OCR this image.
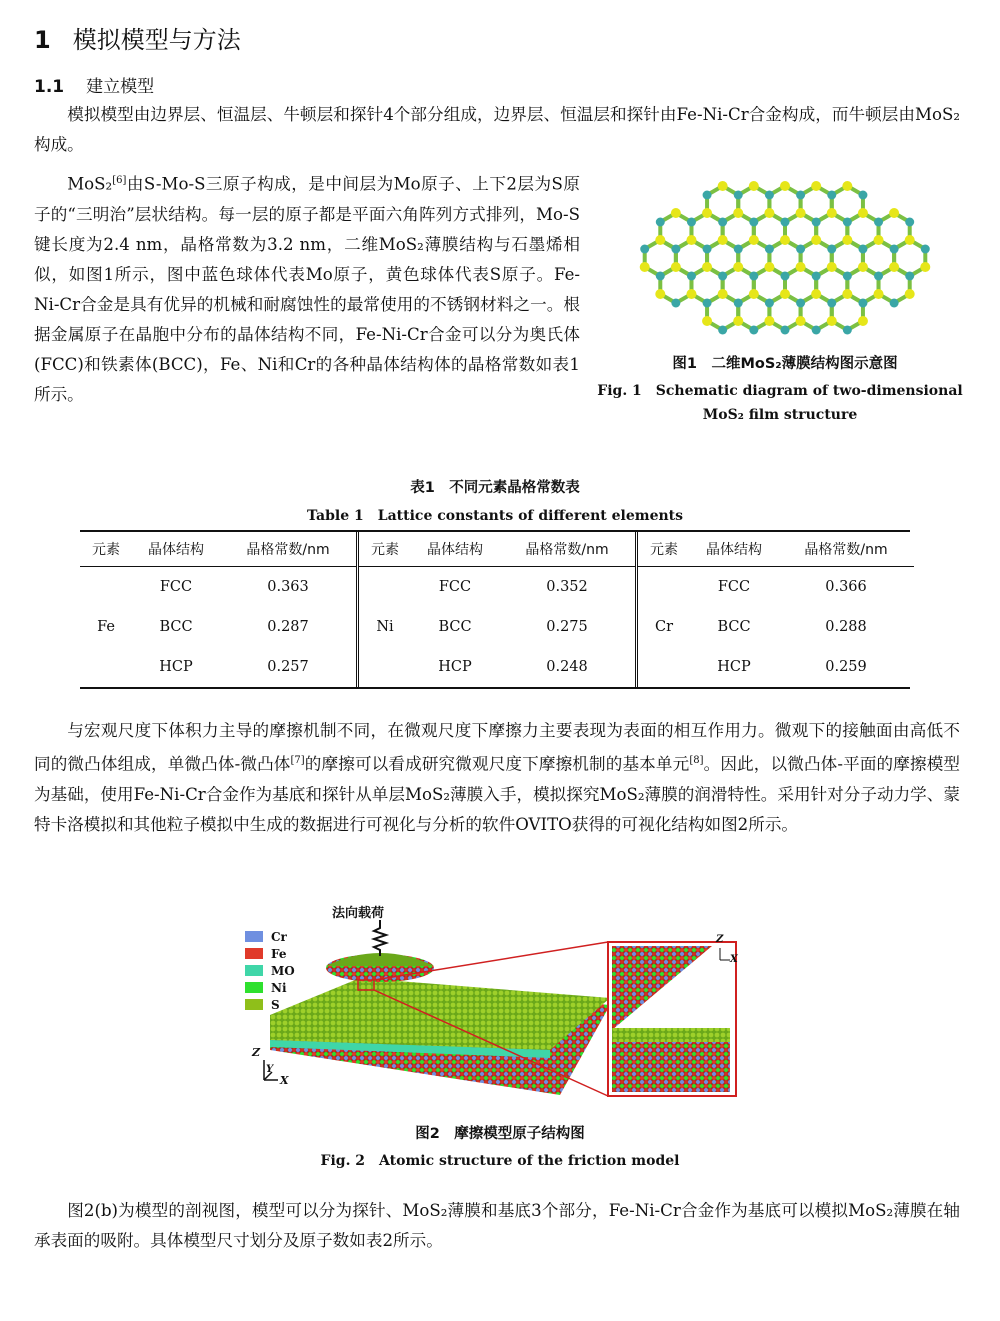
1 模拟模型与方法
1.1 建立模型

模拟模型由边界层、恒温层、牛顿层和探针4个部分组成，边界层、恒温层和探针由Fe-Ni-Cr合金构成，而牛顿层由MoS₂构成。

MoS₂[6]由S-Mo-S三原子构成，是中间层为Mo原子、上下2层为S原子的“三明治”层状结构。每一层的原子都是平面六角阵列方式排列，Mo-S键长度为2.4 nm，晶格常数为3.2 nm，二维MoS₂薄膜结构与石墨烯相似，如图1所示，图中蓝色球体代表Mo原子，黄色球体代表S原子。Fe-Ni-Cr合金是具有优异的机械和耐腐蚀性的最常使用的不锈钢材料之一。根据金属原子在晶胞中分布的晶体结构不同，Fe-Ni-Cr合金可以分为奥氏体(FCC)和铁素体(BCC)，Fe、Ni和Cr的各种晶体结构体的晶格常数如表1所示。

图1　二维MoS₂薄膜结构图示意图
Fig. 1　Schematic diagram of two-dimensional
MoS₂ film structure
表1　不同元素晶格常数表
Table 1　Lattice constants of different elements
元素	晶体结构	晶格常数/nm
Fe
FCC	0.363
BCC	0.287
HCP	0.257
元素	晶体结构	晶格常数/nm
Ni
FCC	0.352
BCC	0.275
HCP	0.248
元素	晶体结构	晶格常数/nm
Cr
FCC	0.366
BCC	0.288
HCP	0.259

与宏观尺度下体积力主导的摩擦机制不同，在微观尺度下摩擦力主要表现为表面的相互作用力。微观下的接触面由高低不同的微凸体组成，单微凸体-微凸体[7]的摩擦可以看成研究微观尺度下摩擦机制的基本单元[8]。因此，以微凸体-平面的摩擦模型为基础，使用Fe-Ni-Cr合金作为基底和探针从单层MoS₂薄膜入手，模拟探究MoS₂薄膜的润滑特性。采用针对分子动力学、蒙特卡洛模拟和其他粒子模拟中生成的数据进行可视化与分析的软件OVITO获得的可视化结构如图2所示。

法向载荷
Cr
Fe
MO
Ni
S
Z
Y
X
Z
X
图2　摩擦模型原子结构图
Fig. 2　Atomic structure of the friction model

图2(b)为模型的剖视图，模型可以分为探针、MoS₂薄膜和基底3个部分，Fe-Ni-Cr合金作为基底可以模拟MoS₂薄膜在轴承表面的吸附。具体模型尺寸划分及原子数如表2所示。
